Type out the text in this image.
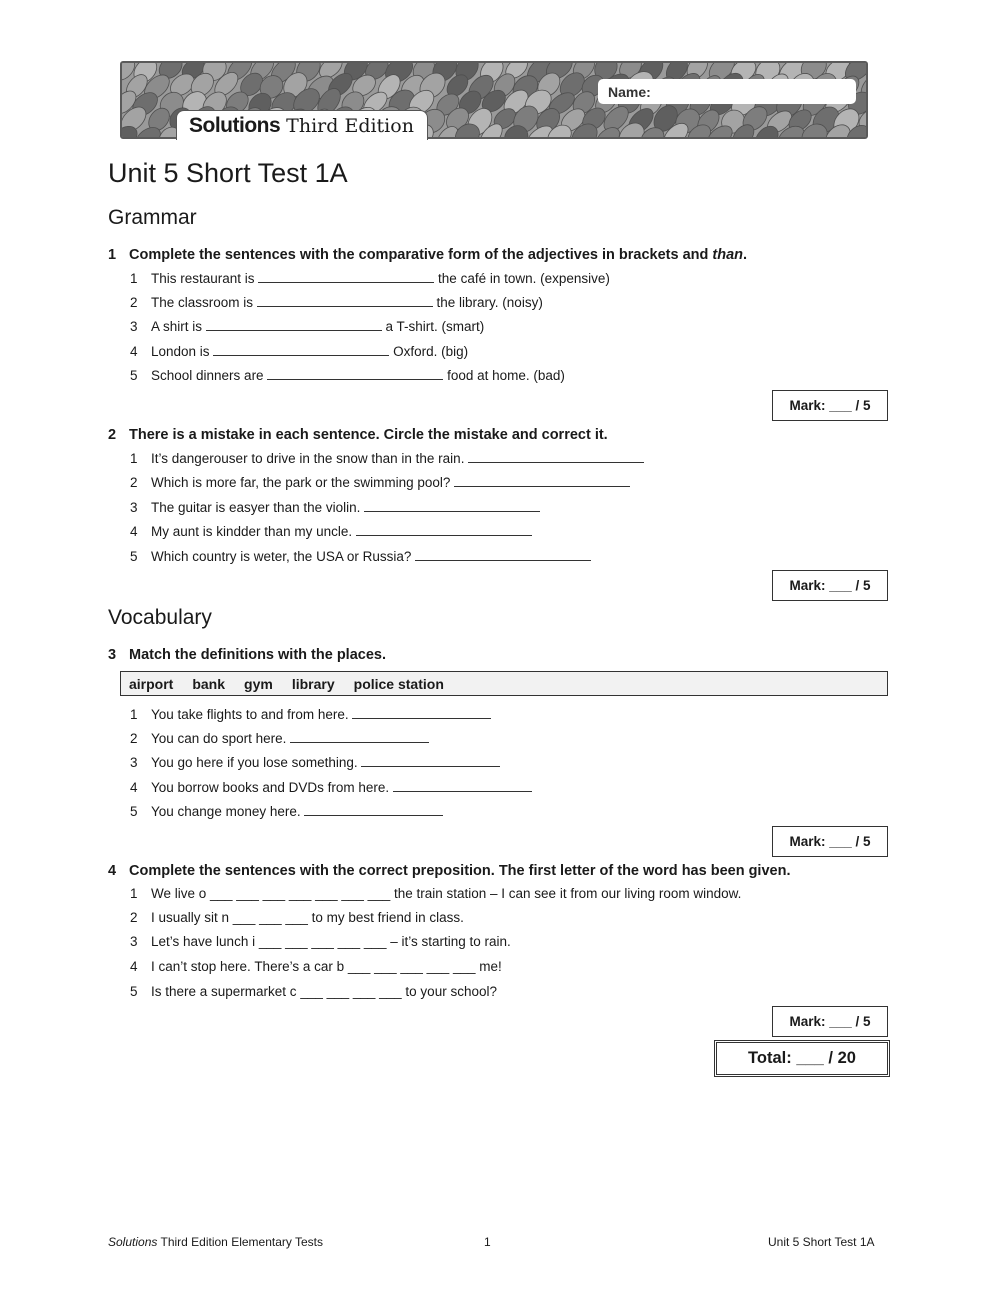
Solutions Third Edition
Name:
Unit 5 Short Test 1A
Grammar
1 Complete the sentences with the comparative form of the adjectives in brackets and than.
1 This restaurant is	the café in town. (expensive)
2 The classroom is	the library. (noisy)
3 A shirt is	a T-shirt. (smart)
4 London is	Oxford. (big)
5 School dinners are	food at home. (bad)
Mark: ___ / 5
2 There is a mistake in each sentence. Circle the mistake and correct it.
1 It’s dangerouser to drive in the snow than in the rain.
2 Which is more far, the park or the swimming pool?
3 The guitar is easyer than the violin.
4 My aunt is kindder than my uncle.
5 Which country is weter, the USA or Russia?
Mark: ___ / 5
Vocabulary
3 Match the definitions with the places.
airport bank gym library police station
1 You take flights to and from here.
2 You can do sport here.
3 You go here if you lose something.
4 You borrow books and DVDs from here.
5 You change money here.
Mark: ___ / 5
4 Complete the sentences with the correct preposition. The first letter of the word has been given.
1 We live o ___ ___ ___ ___ ___ ___ ___ the train station – I can see it from our living room window.
2 I usually sit n ___ ___ ___ to my best friend in class.
3 Let’s have lunch i ___ ___ ___ ___ ___ – it’s starting to rain.
4 I can’t stop here. There’s a car b ___ ___ ___ ___ ___ me!
5 Is there a supermarket c ___ ___ ___ ___ to your school?
Mark: ___ / 5
Total: ___ / 20
Solutions Third Edition Elementary Tests	1	Unit 5 Short Test 1A
